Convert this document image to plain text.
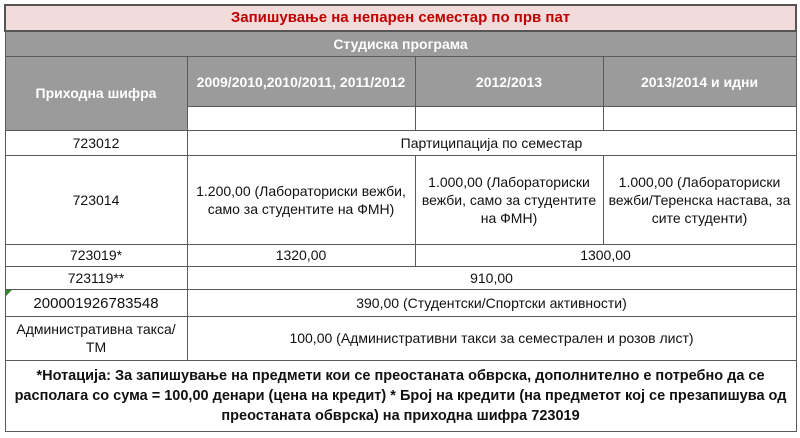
Запишување на непарен семестар по прв пат			
Студиска програма			
Приходна шифра	2009/2010,2010/2011, 2011/2012	2012/2013	2013/2014 и идни

723012	Партиципација по семестар		
723014	1.200,00 (Лабораториски вежби, само за студентите на ФМН)	1.000,00 (Лабораториски вежби, само за студентите на ФМН)	1.000,00 (Лабораториски вежби/Теренска настава, за сите студенти)
723019*	1320,00	1300,00	
723119**	910,00		

200001926783548	390,00 (Студентски/Спортски активности)		
Административна такса/ТМ	100,00 (Административни такси за семестрален и розов лист)		
*Нотација: За запишување на предмети кои се преостаната обврска, дополнително е потребно да се располага со сума = 100,00 денари (цена на кредит) * Број на кредити (на предметот кој се презапишува од преостаната обврска) на приходна шифра 723019			
